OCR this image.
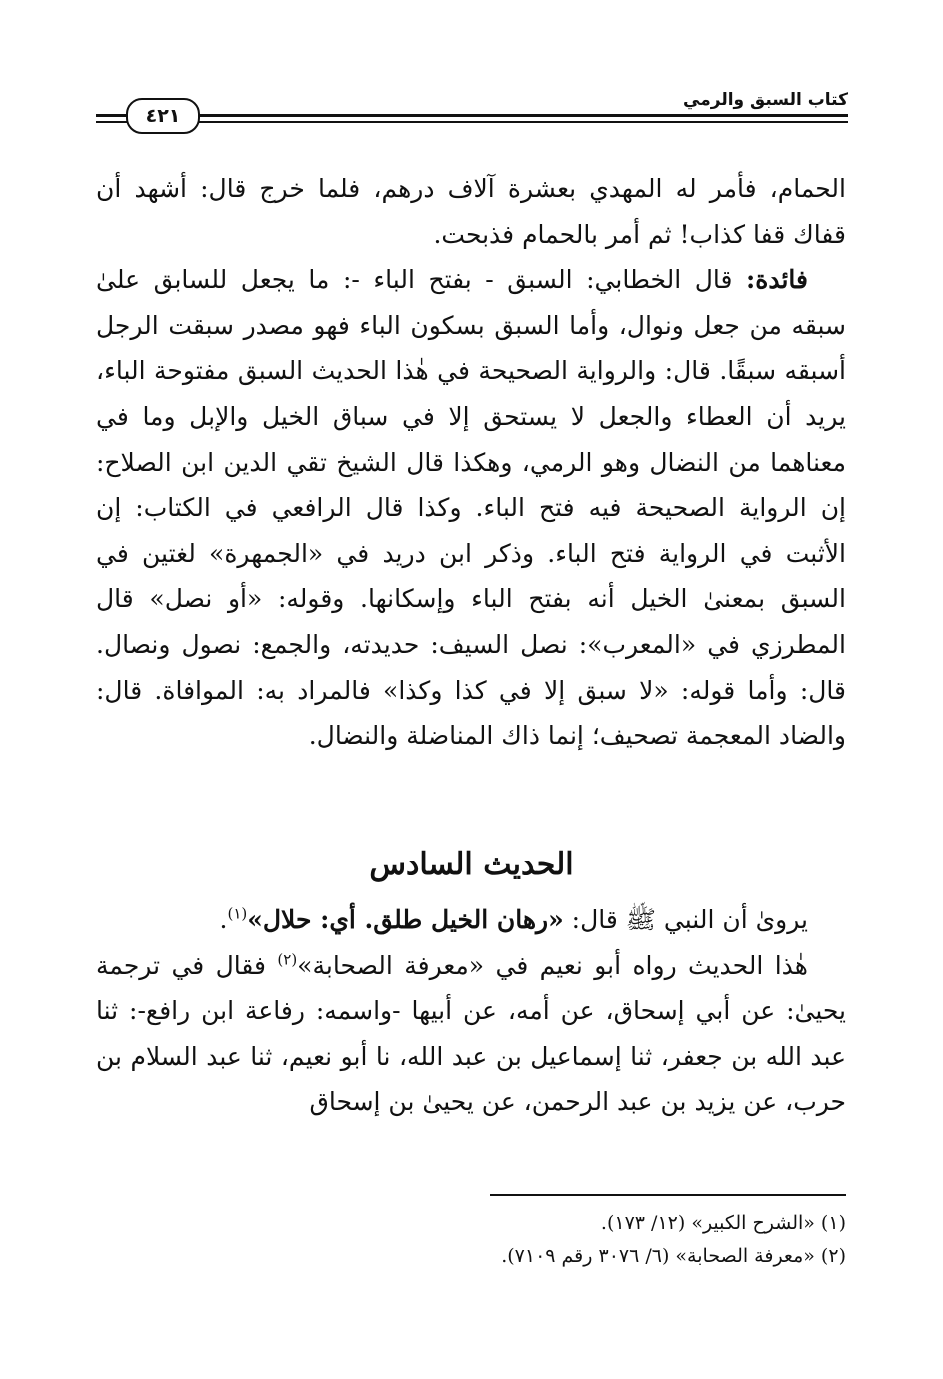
كتاب السبق والرمي
٤٢١

الحمام، فأمر له المهدي بعشرة آلاف درهم، فلما خرج قال: أشهد أن قفاك قفا كذاب! ثم أمر بالحمام فذبحت.

فائدة: قال الخطابي: السبق - بفتح الباء -: ما يجعل للسابق علىٰ سبقه من جعل ونوال، وأما السبق بسكون الباء فهو مصدر سبقت الرجل أسبقه سبقًا. قال: والرواية الصحيحة في هٰذا الحديث السبق مفتوحة الباء، يريد أن العطاء والجعل لا يستحق إلا في سباق الخيل والإبل وما في معناهما من النضال وهو الرمي، وهكذا قال الشيخ تقي الدين ابن الصلاح: إن الرواية الصحيحة فيه فتح الباء. وكذا قال الرافعي في الكتاب: إن الأثبت في الرواية فتح الباء. وذكر ابن دريد في «الجمهرة» لغتين في السبق بمعنىٰ الخيل أنه بفتح الباء وإسكانها. وقوله: «أو نصل» قال المطرزي في «المعرب»: نصل السيف: حديدته، والجمع: نصول ونصال. قال: وأما قوله: «لا سبق إلا في كذا وكذا» فالمراد به: الموافاة. قال: والضاد المعجمة تصحيف؛ إنما ذاك المناضلة والنضال.

الحديث السادس

يروىٰ أن النبي ﷺ قال: «رهان الخيل طلق. أي: حلال»$^{(١)}$.

هٰذا الحديث رواه أبو نعيم في «معرفة الصحابة»$^{(٢)}$ فقال في ترجمة يحيىٰ: عن أبي إسحاق، عن أمه، عن أبيها -واسمه: رفاعة ابن رافع-: ثنا عبد الله بن جعفر، ثنا إسماعيل بن عبد الله، نا أبو نعيم، ثنا عبد السلام بن حرب، عن يزيد بن عبد الرحمن، عن يحيىٰ بن إسحاق

(١) «الشرح الكبير» (١٢/ ١٧٣).

(٢) «معرفة الصحابة» (٦/ ٣٠٧٦ رقم ٧١٠٩).
